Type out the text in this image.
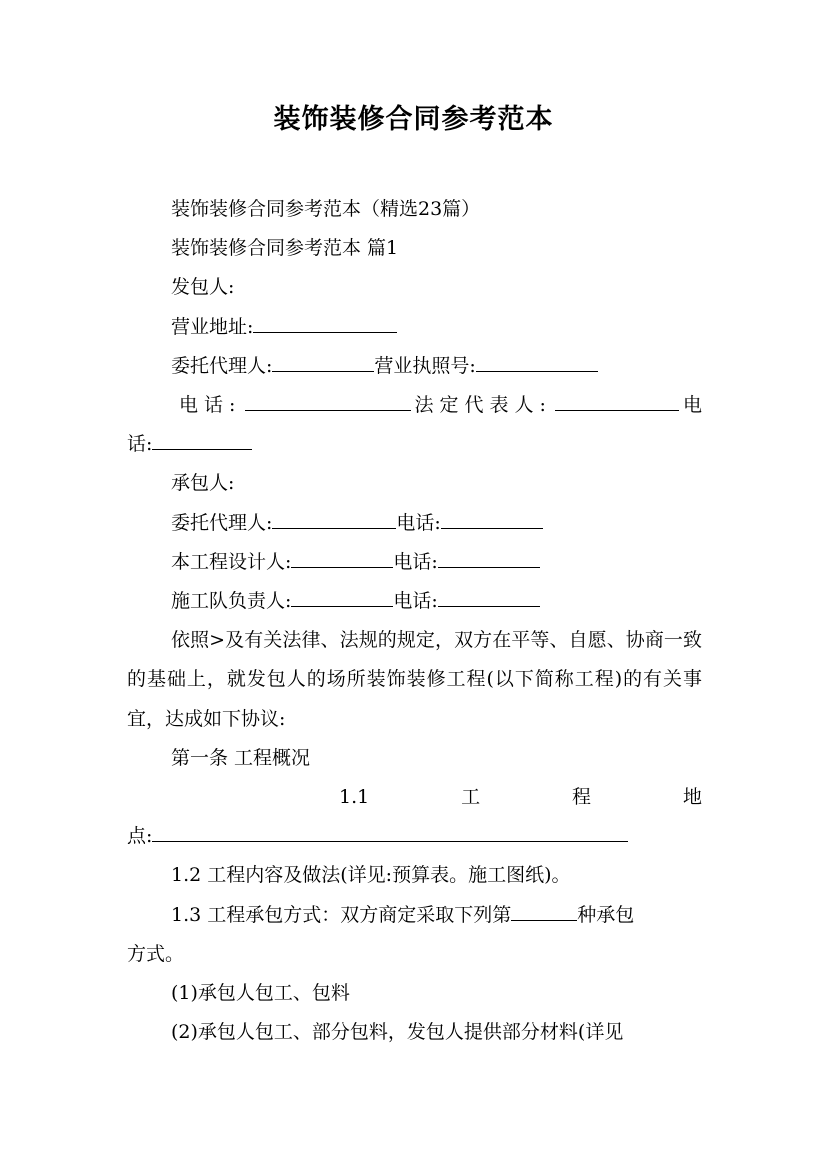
装饰装修合同参考范本

装饰装修合同参考范本（精选23篇）

装饰装修合同参考范本 篇1

发包人:

营业地址:

委托代理人:	营业执照号:

电话:	法定代表人:	电

话:

承包人:

委托代理人:	电话:

本工程设计人:	电话:

施工队负责人:	电话:

依照>及有关法律、法规的规定，双方在平等、自愿、协商一致的基础上，就发包人的场所装饰装修工程(以下简称工程)的有关事宜，达成如下协议:

第一条 工程概况

1.1	工	程	地

点:

1.2 工程内容及做法(详见:预算表。施工图纸)。

1.3 工程承包方式：双方商定采取下列第	种承包

方式。

(1)承包人包工、包料

(2)承包人包工、部分包料，发包人提供部分材料(详见
